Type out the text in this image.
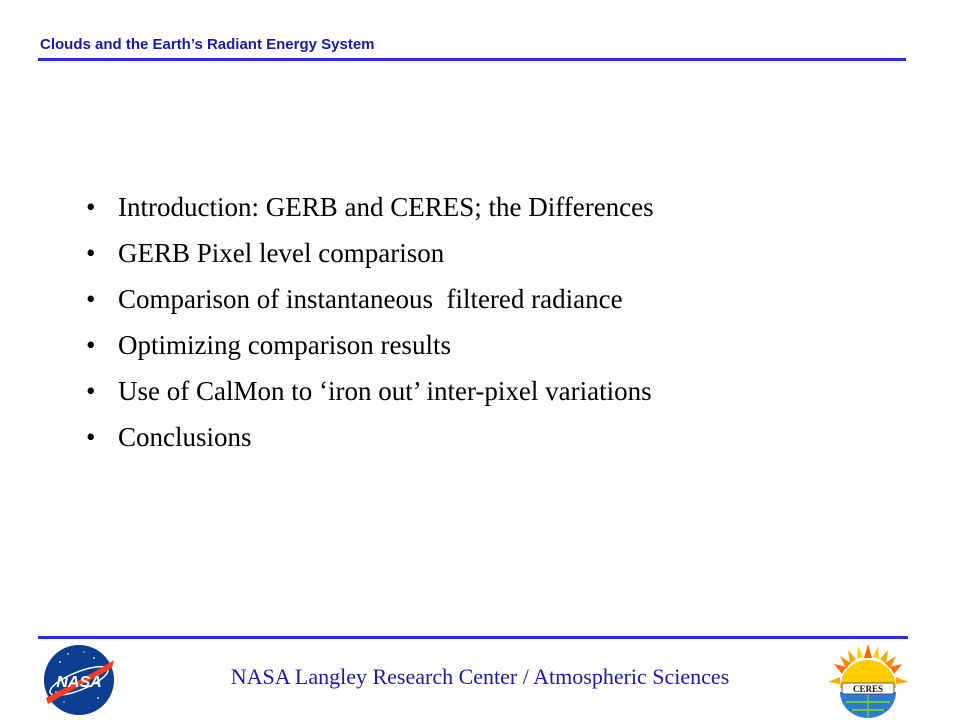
Clouds and the Earth’s Radiant Energy System
• Introduction: GERB and CERES; the Differences
• GERB Pixel level comparison
• Comparison of instantaneous  filtered radiance
• Optimizing comparison results
• Use of CalMon to ‘iron out’ inter-pixel variations
• Conclusions
NASA	NASA Langley Research Center / Atmospheric Sciences	CERES
